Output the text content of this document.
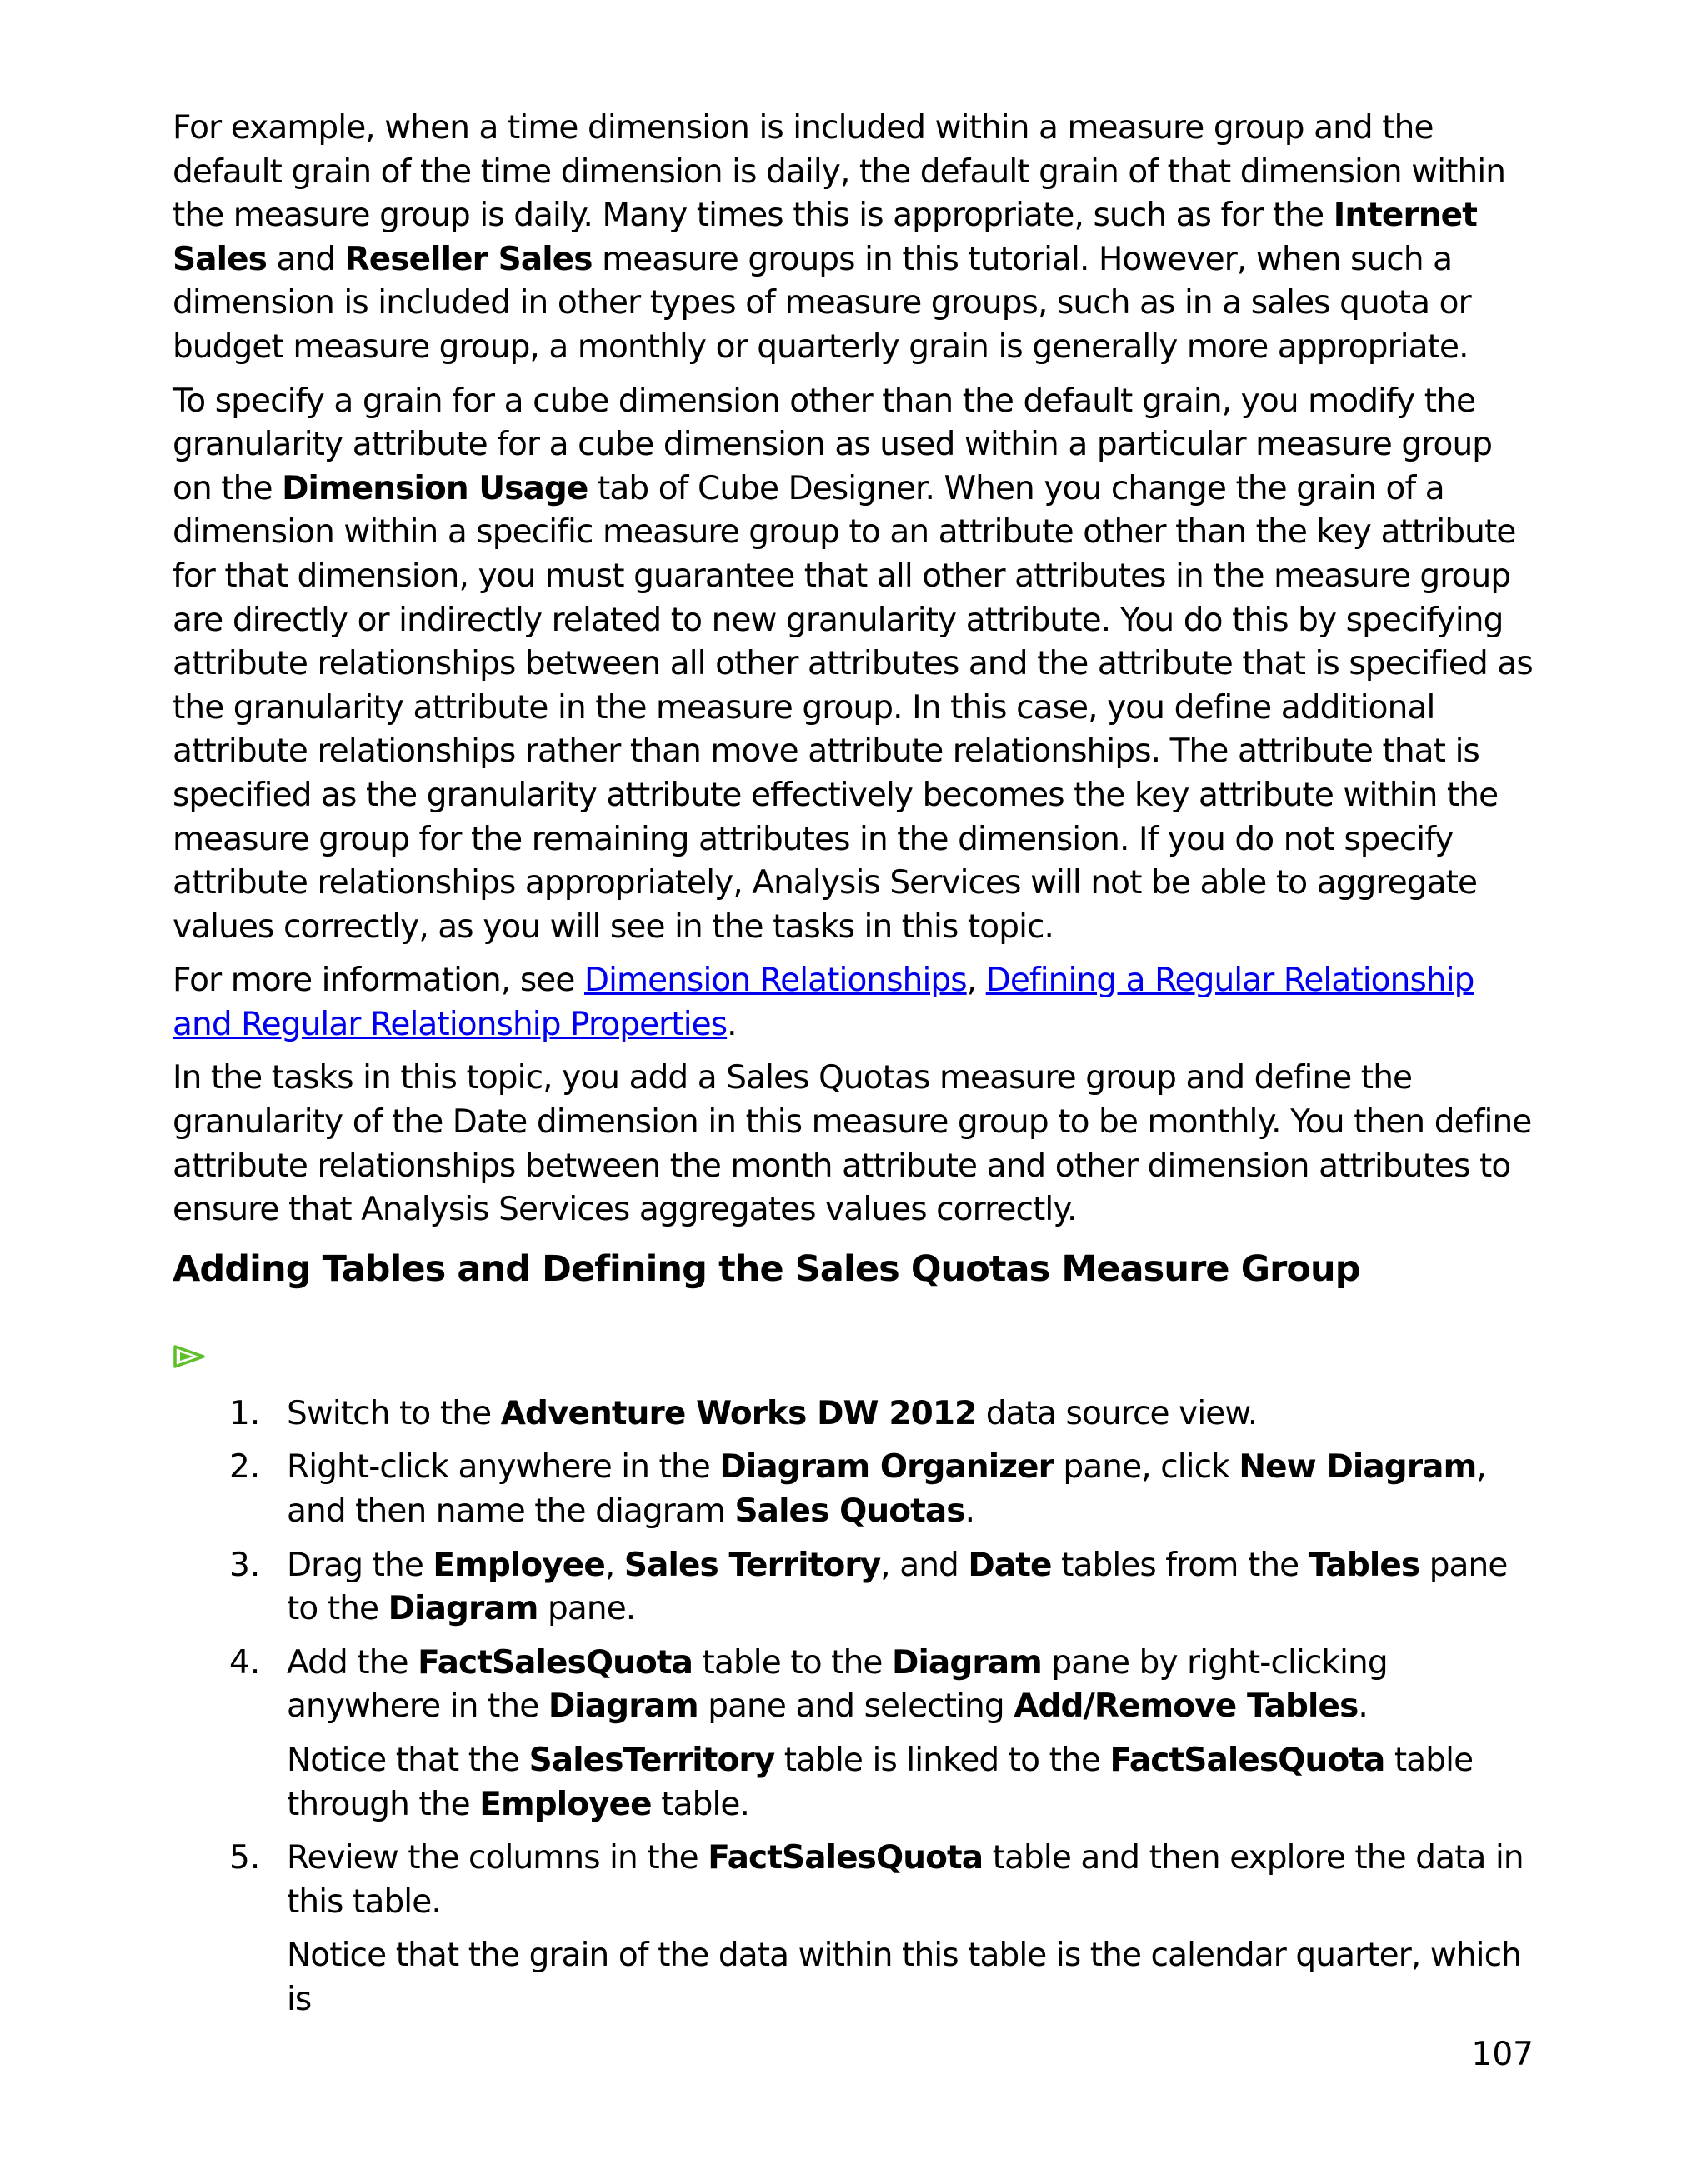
For example, when a time dimension is included within a measure group and the default grain of the time dimension is daily, the default grain of that dimension within the measure group is daily. Many times this is appropriate, such as for the Internet Sales and Reseller Sales measure groups in this tutorial. However, when such a dimension is included in other types of measure groups, such as in a sales quota or budget measure group, a monthly or quarterly grain is generally more appropriate.

To specify a grain for a cube dimension other than the default grain, you modify the granularity attribute for a cube dimension as used within a particular measure group on the Dimension Usage tab of Cube Designer. When you change the grain of a dimension within a specific measure group to an attribute other than the key attribute for that dimension, you must guarantee that all other attributes in the measure group are directly or indirectly related to new granularity attribute. You do this by specifying attribute relationships between all other attributes and the attribute that is specified as the granularity attribute in the measure group. In this case, you define additional attribute relationships rather than move attribute relationships. The attribute that is specified as the granularity attribute effectively becomes the key attribute within the measure group for the remaining attributes in the dimension. If you do not specify attribute relationships appropriately, Analysis Services will not be able to aggregate values correctly, as you will see in the tasks in this topic.

For more information, see Dimension Relationships, Defining a Regular Relationship and Regular Relationship Properties.

In the tasks in this topic, you add a Sales Quotas measure group and define the granularity of the Date dimension in this measure group to be monthly. You then define attribute relationships between the month attribute and other dimension attributes to ensure that Analysis Services aggregates values correctly.

Adding Tables and Defining the Sales Quotas Measure Group
1. Switch to the Adventure Works DW 2012 data source view.

2. Right-click anywhere in the Diagram Organizer pane, click New Diagram, and then name the diagram Sales Quotas.

3. Drag the Employee, Sales Territory, and Date tables from the Tables pane to the Diagram pane.

4. Add the FactSalesQuota table to the Diagram pane by right-clicking anywhere in the Diagram pane and selecting Add/Remove Tables.

Notice that the SalesTerritory table is linked to the FactSalesQuota table through the Employee table.

5. Review the columns in the FactSalesQuota table and then explore the data in this table.

Notice that the grain of the data within this table is the calendar quarter, which is

107
